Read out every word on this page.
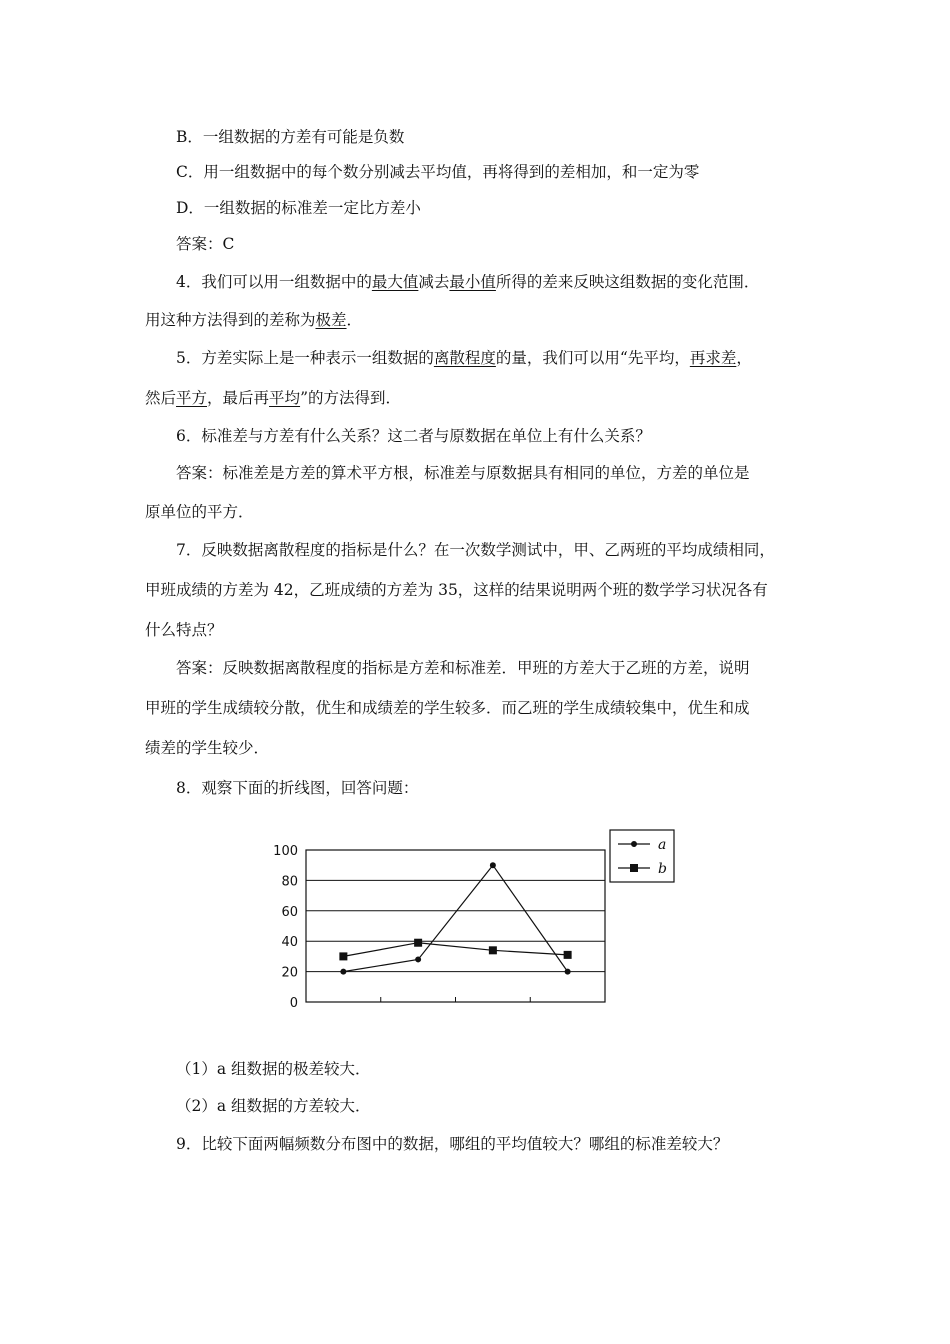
B．一组数据的方差有可能是负数
C．用一组数据中的每个数分别减去平均值，再将得到的差相加，和一定为零
D．一组数据的标准差一定比方差小
答案：C
4．我们可以用一组数据中的最大值减去最小值所得的差来反映这组数据的变化范围．
用这种方法得到的差称为极差．
5．方差实际上是一种表示一组数据的离散程度的量，我们可以用“先平均，再求差，
然后平方，最后再平均”的方法得到．
6．标准差与方差有什么关系？这二者与原数据在单位上有什么关系？
答案：标准差是方差的算术平方根，标准差与原数据具有相同的单位，方差的单位是
原单位的平方．
7．反映数据离散程度的指标是什么？在一次数学测试中，甲、乙两班的平均成绩相同，
甲班成绩的方差为 42，乙班成绩的方差为 35，这样的结果说明两个班的数学学习状况各有
什么特点？
答案：反映数据离散程度的指标是方差和标准差．甲班的方差大于乙班的方差，说明
甲班的学生成绩较分散，优生和成绩差的学生较多．而乙班的学生成绩较集中，优生和成
绩差的学生较少．
8．观察下面的折线图，回答问题：
0
20
40
60
80
100	a
b
（1）a 组数据的极差较大．
（2）a 组数据的方差较大．
9．比较下面两幅频数分布图中的数据，哪组的平均值较大？哪组的标准差较大？
